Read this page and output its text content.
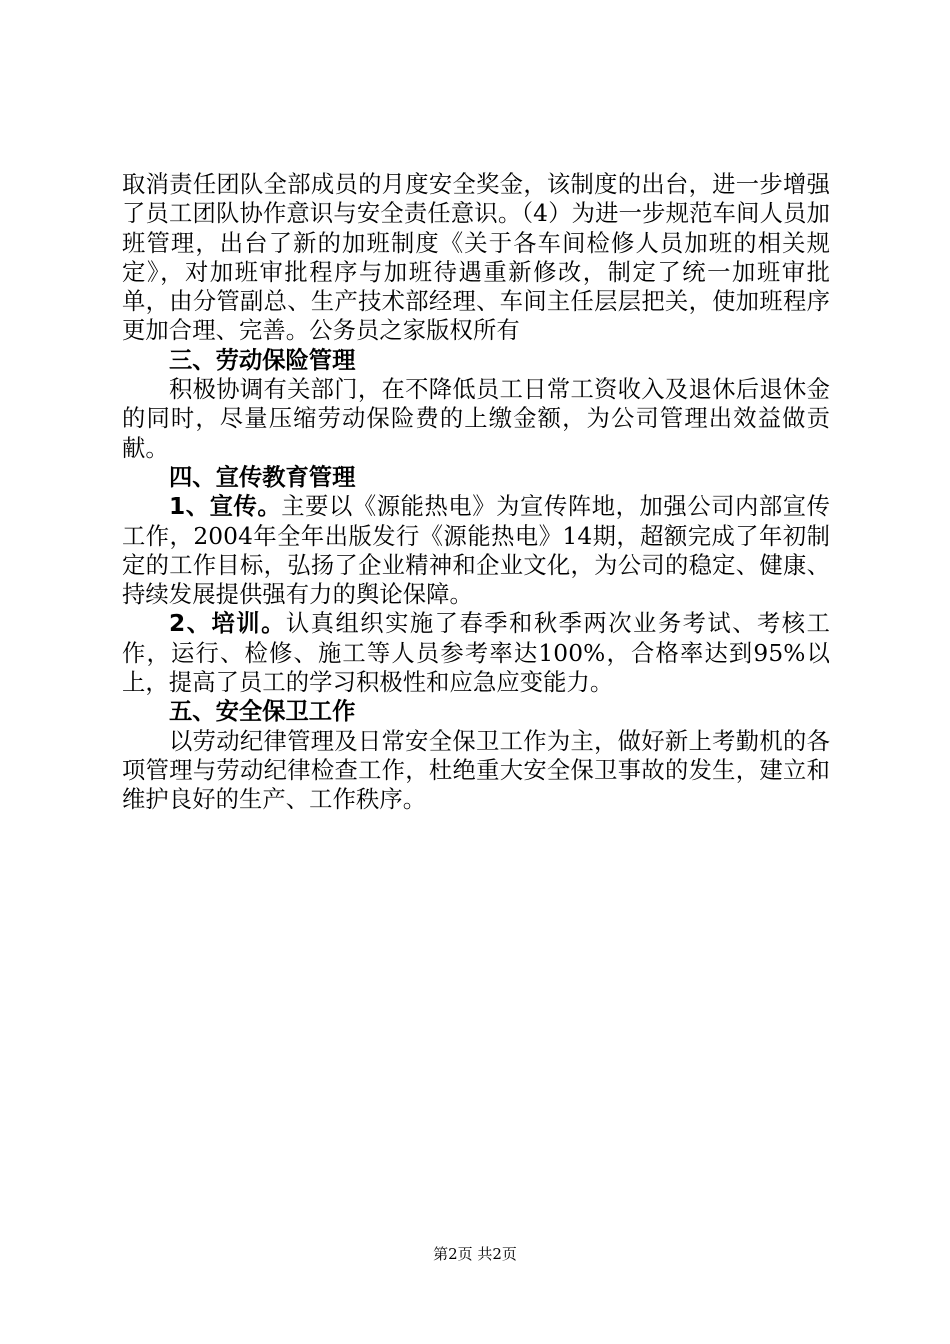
取消责任团队全部成员的月度安全奖金，该制度的出台，进一步增强了员工团队协作意识与安全责任意识。（4）为进一步规范车间人员加班管理，出台了新的加班制度《关于各车间检修人员加班的相关规定》，对加班审批程序与加班待遇重新修改，制定了统一加班审批单，由分管副总、生产技术部经理、车间主任层层把关，使加班程序更加合理、完善。公务员之家版权所有

三、劳动保险管理

积极协调有关部门，在不降低员工日常工资收入及退休后退休金的同时，尽量压缩劳动保险费的上缴金额，为公司管理出效益做贡献。

四、宣传教育管理

1、宣传。主要以《源能热电》为宣传阵地，加强公司内部宣传工作，2004年全年出版发行《源能热电》14期，超额完成了年初制定的工作目标，弘扬了企业精神和企业文化，为公司的稳定、健康、持续发展提供强有力的舆论保障。

2、培训。认真组织实施了春季和秋季两次业务考试、考核工作，运行、检修、施工等人员参考率达100%，合格率达到95%以上，提高了员工的学习积极性和应急应变能力。

五、安全保卫工作

以劳动纪律管理及日常安全保卫工作为主，做好新上考勤机的各项管理与劳动纪律检查工作，杜绝重大安全保卫事故的发生，建立和维护良好的生产、工作秩序。

第2页 共2页
